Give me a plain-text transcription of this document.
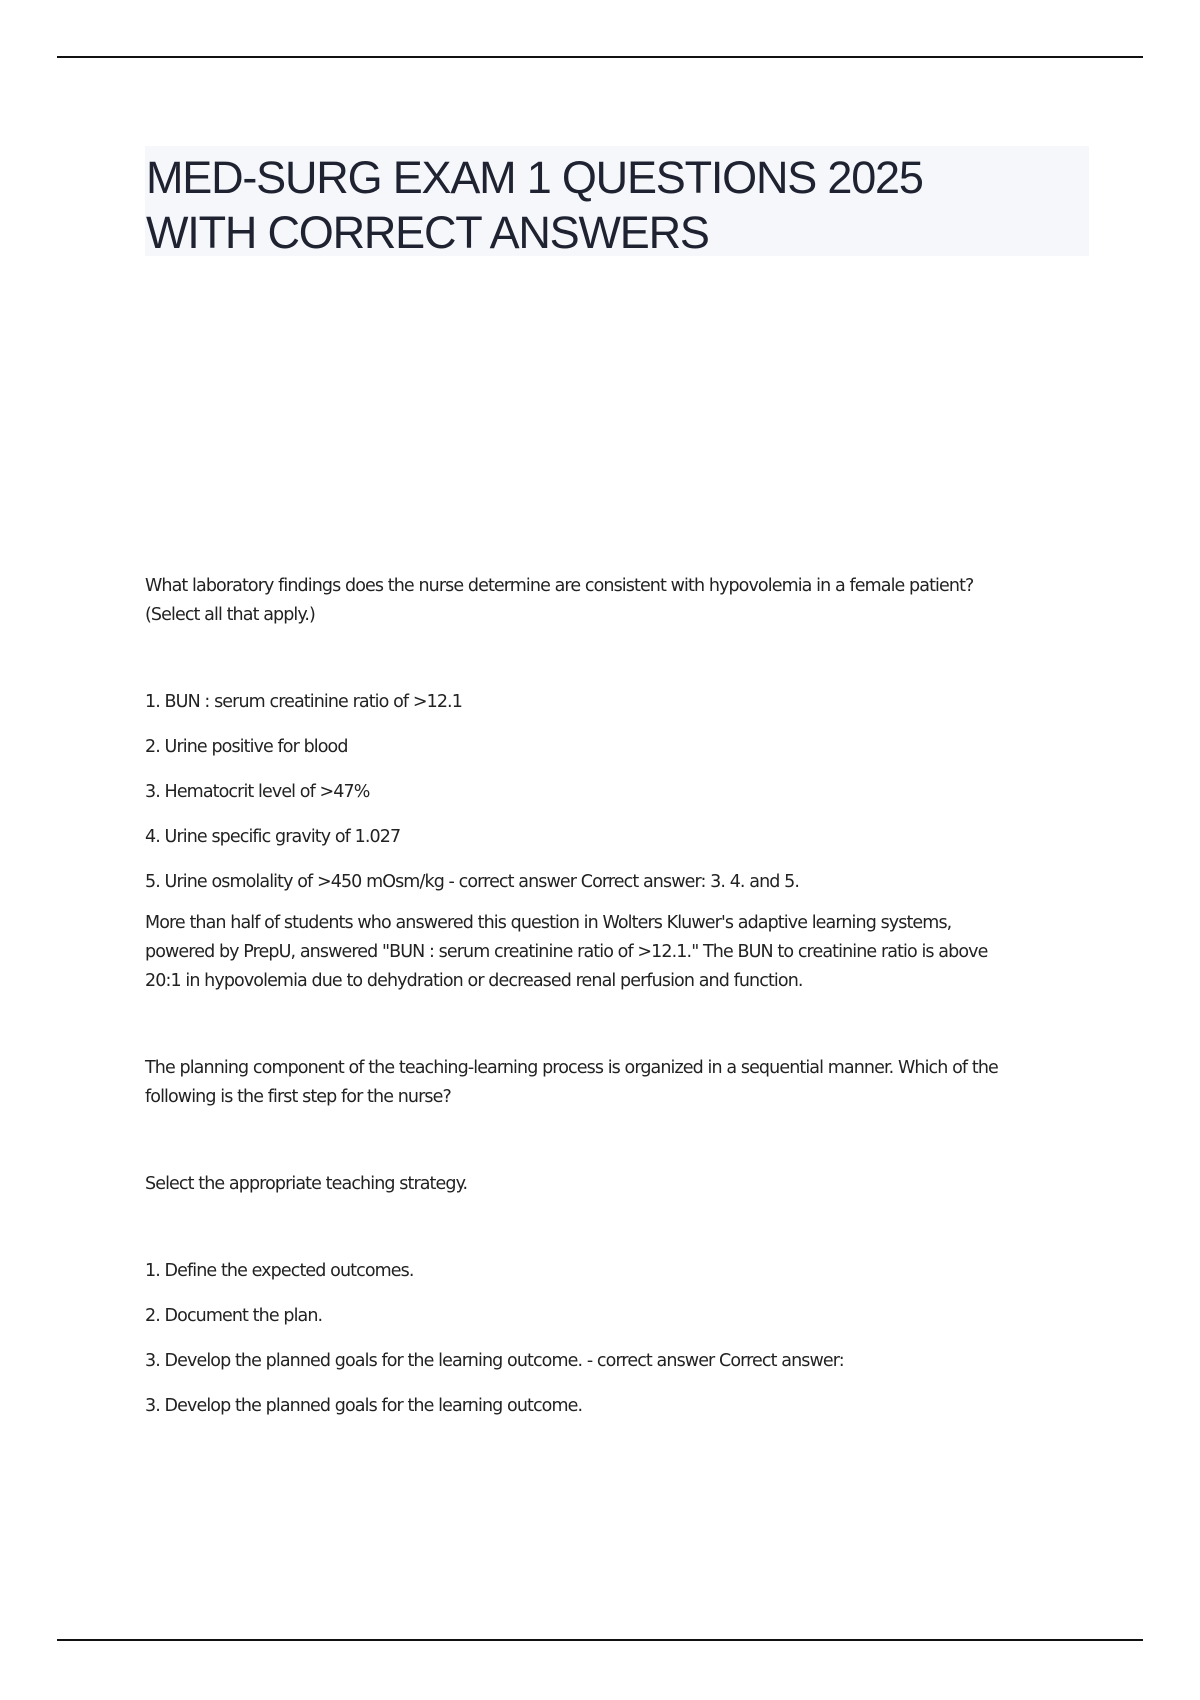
MED-SURG EXAM 1 QUESTIONS 2025
WITH CORRECT ANSWERS

What laboratory findings does the nurse determine are consistent with hypovolemia in a female patient?
(Select all that apply.)

1. BUN : serum creatinine ratio of >12.1

2. Urine positive for blood

3. Hematocrit level of >47%

4. Urine specific gravity of 1.027

5. Urine osmolality of >450 mOsm/kg - correct answer Correct answer: 3. 4. and 5.

More than half of students who answered this question in Wolters Kluwer's adaptive learning systems,
powered by PrepU, answered "BUN : serum creatinine ratio of >12.1." The BUN to creatinine ratio is above
20:1 in hypovolemia due to dehydration or decreased renal perfusion and function.

The planning component of the teaching-learning process is organized in a sequential manner. Which of the
following is the first step for the nurse?

Select the appropriate teaching strategy.

1. Define the expected outcomes.

2. Document the plan.

3. Develop the planned goals for the learning outcome. - correct answer Correct answer:

3. Develop the planned goals for the learning outcome.
